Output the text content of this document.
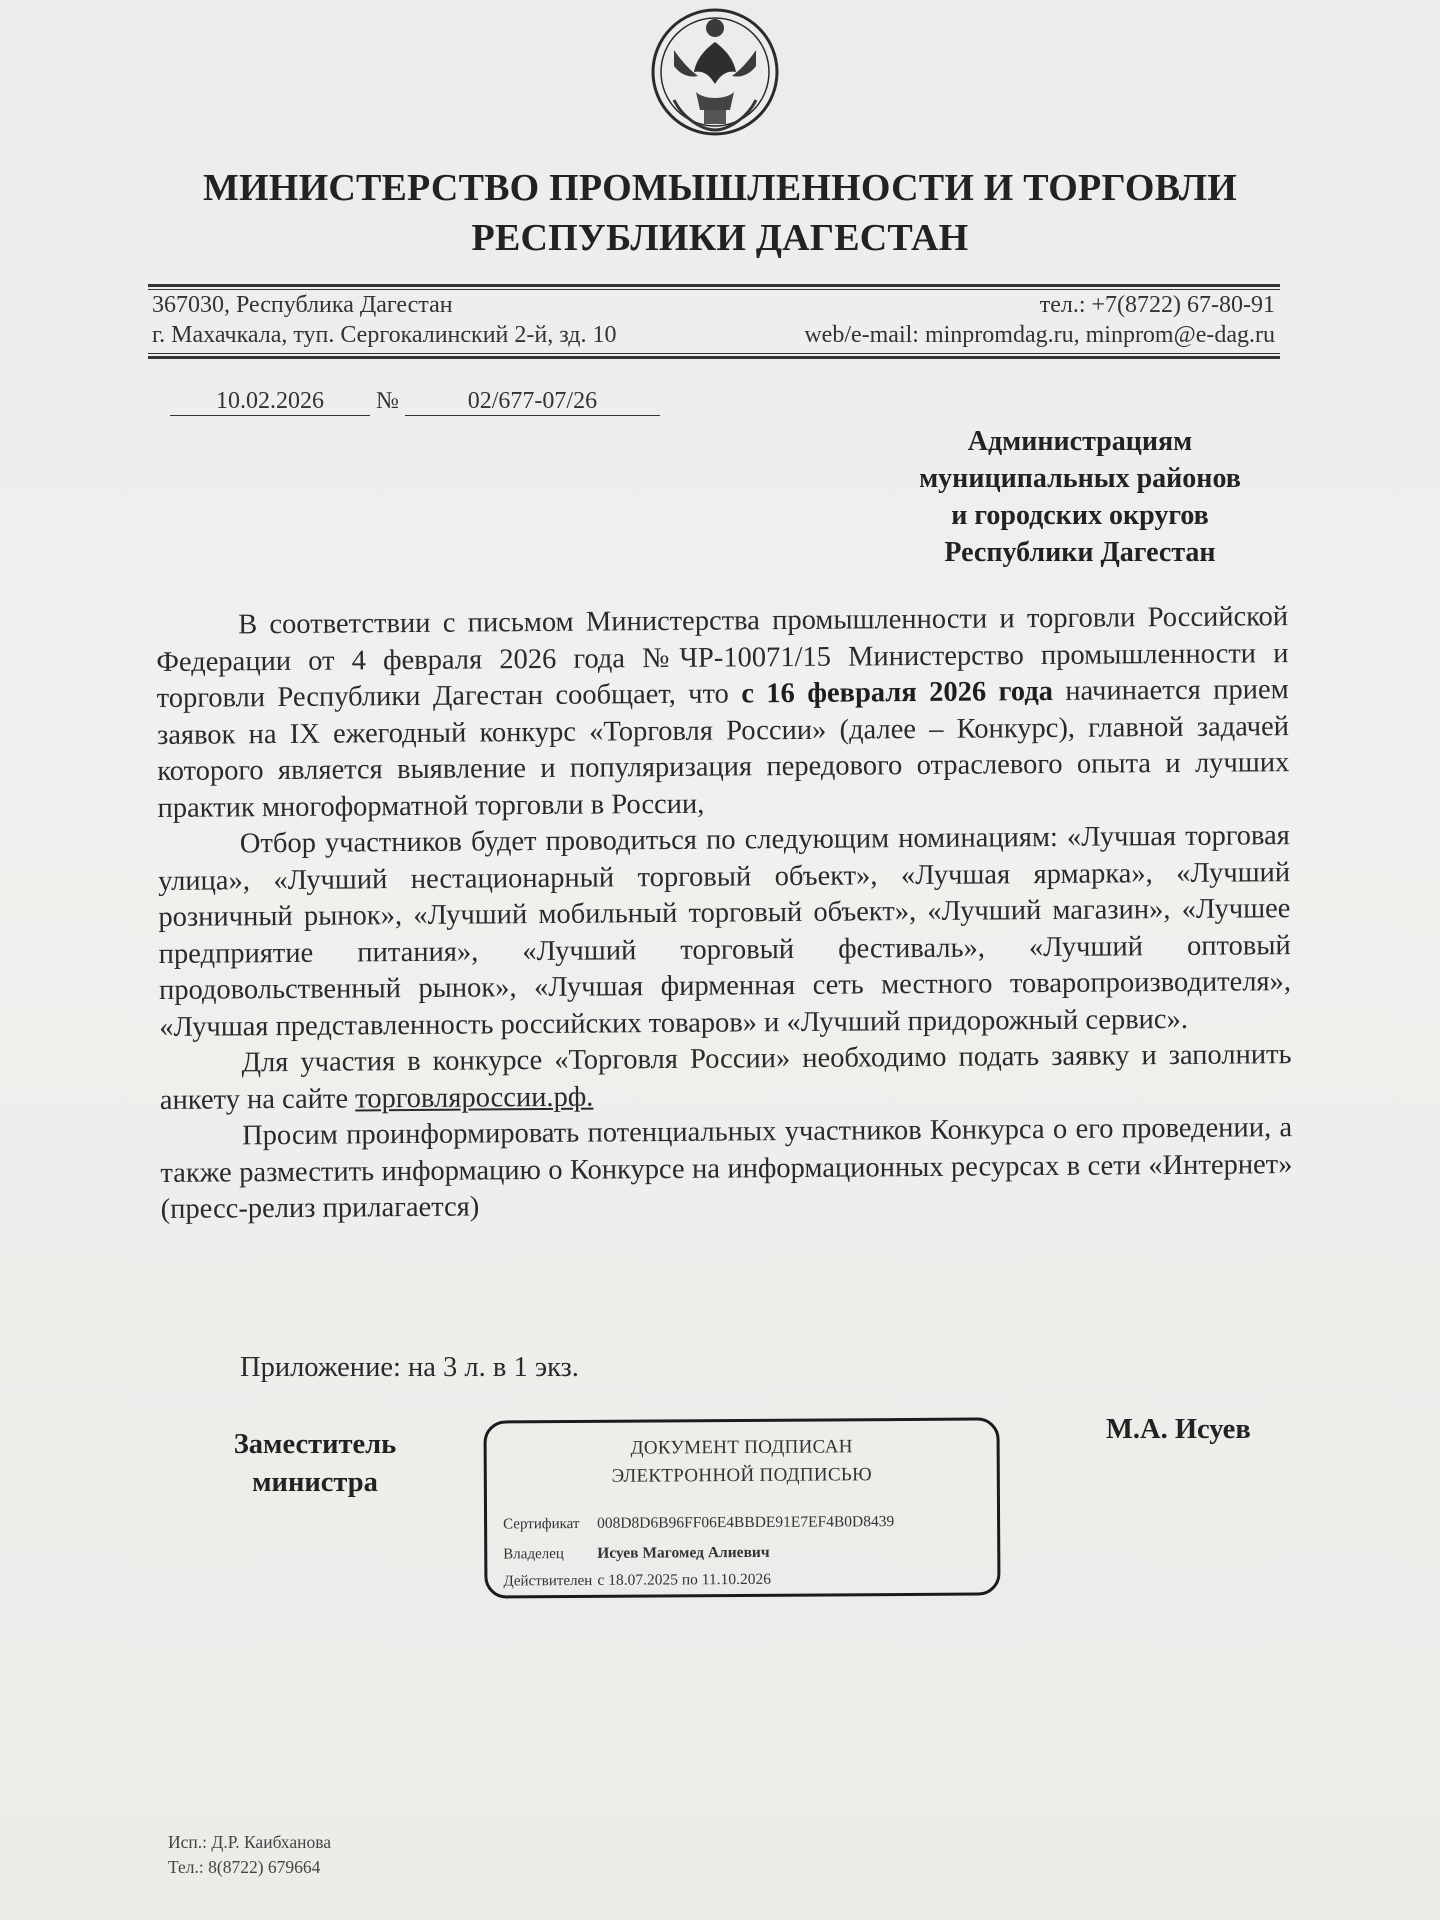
МИНИСТЕРСТВО ПРОМЫШЛЕННОСТИ И ТОРГОВЛИ
РЕСПУБЛИКИ ДАГЕСТАН
367030, Республика Дагестан
г. Махачкала, туп. Сергокалинский 2-й, зд. 10
тел.: +7(8722) 67-80-91
web/e-mail: minpromdag.ru, minprom@e-dag.ru
10.02.2026 №	02/677-07/26
Администрациям
муниципальных районов
и городских округов
Республики Дагестан

В соответствии с письмом Министерства промышленности и торговли Российской Федерации от 4 февраля 2026 года №ЧР-10071/15 Министерство промышленности и торговли Республики Дагестан сообщает, что с 16 февраля 2026 года начинается прием заявок на IX ежегодный конкурс «Торговля России» (далее – Конкурс), главной задачей которого является выявление и популяризация передового отраслевого опыта и лучших практик многоформатной торговли в России,

Отбор участников будет проводиться по следующим номинациям: «Лучшая торговая улица», «Лучший нестационарный торговый объект», «Лучшая ярмарка», «Лучший розничный рынок», «Лучший мобильный торговый объект», «Лучший магазин», «Лучшее предприятие питания», «Лучший торговый фестиваль», «Лучший оптовый продовольственный рынок», «Лучшая фирменная сеть местного товаропроизводителя», «Лучшая представленность российских товаров» и «Лучший придорожный сервис».

Для участия в конкурсе «Торговля России» необходимо подать заявку и заполнить анкету на сайте торговляроссии.рф.

Просим проинформировать потенциальных участников Конкурса о его проведении, а также разместить информацию о Конкурсе на информационных ресурсах в сети «Интернет» (пресс-релиз прилагается)

Приложение: на 3 л. в 1 экз.
Заместитель
министра
ДОКУМЕНТ ПОДПИСАН
ЭЛЕКТРОННОЙ ПОДПИСЬЮ
Сертификат 008D8D6B96FF06E4BBDE91E7EF4B0D8439
Владелец Исуев Магомед Алиевич
Действителен с 18.07.2025 по 11.10.2026
М.А. Исуев
Исп.: Д.Р. Каибханова
Тел.: 8(8722) 679664
